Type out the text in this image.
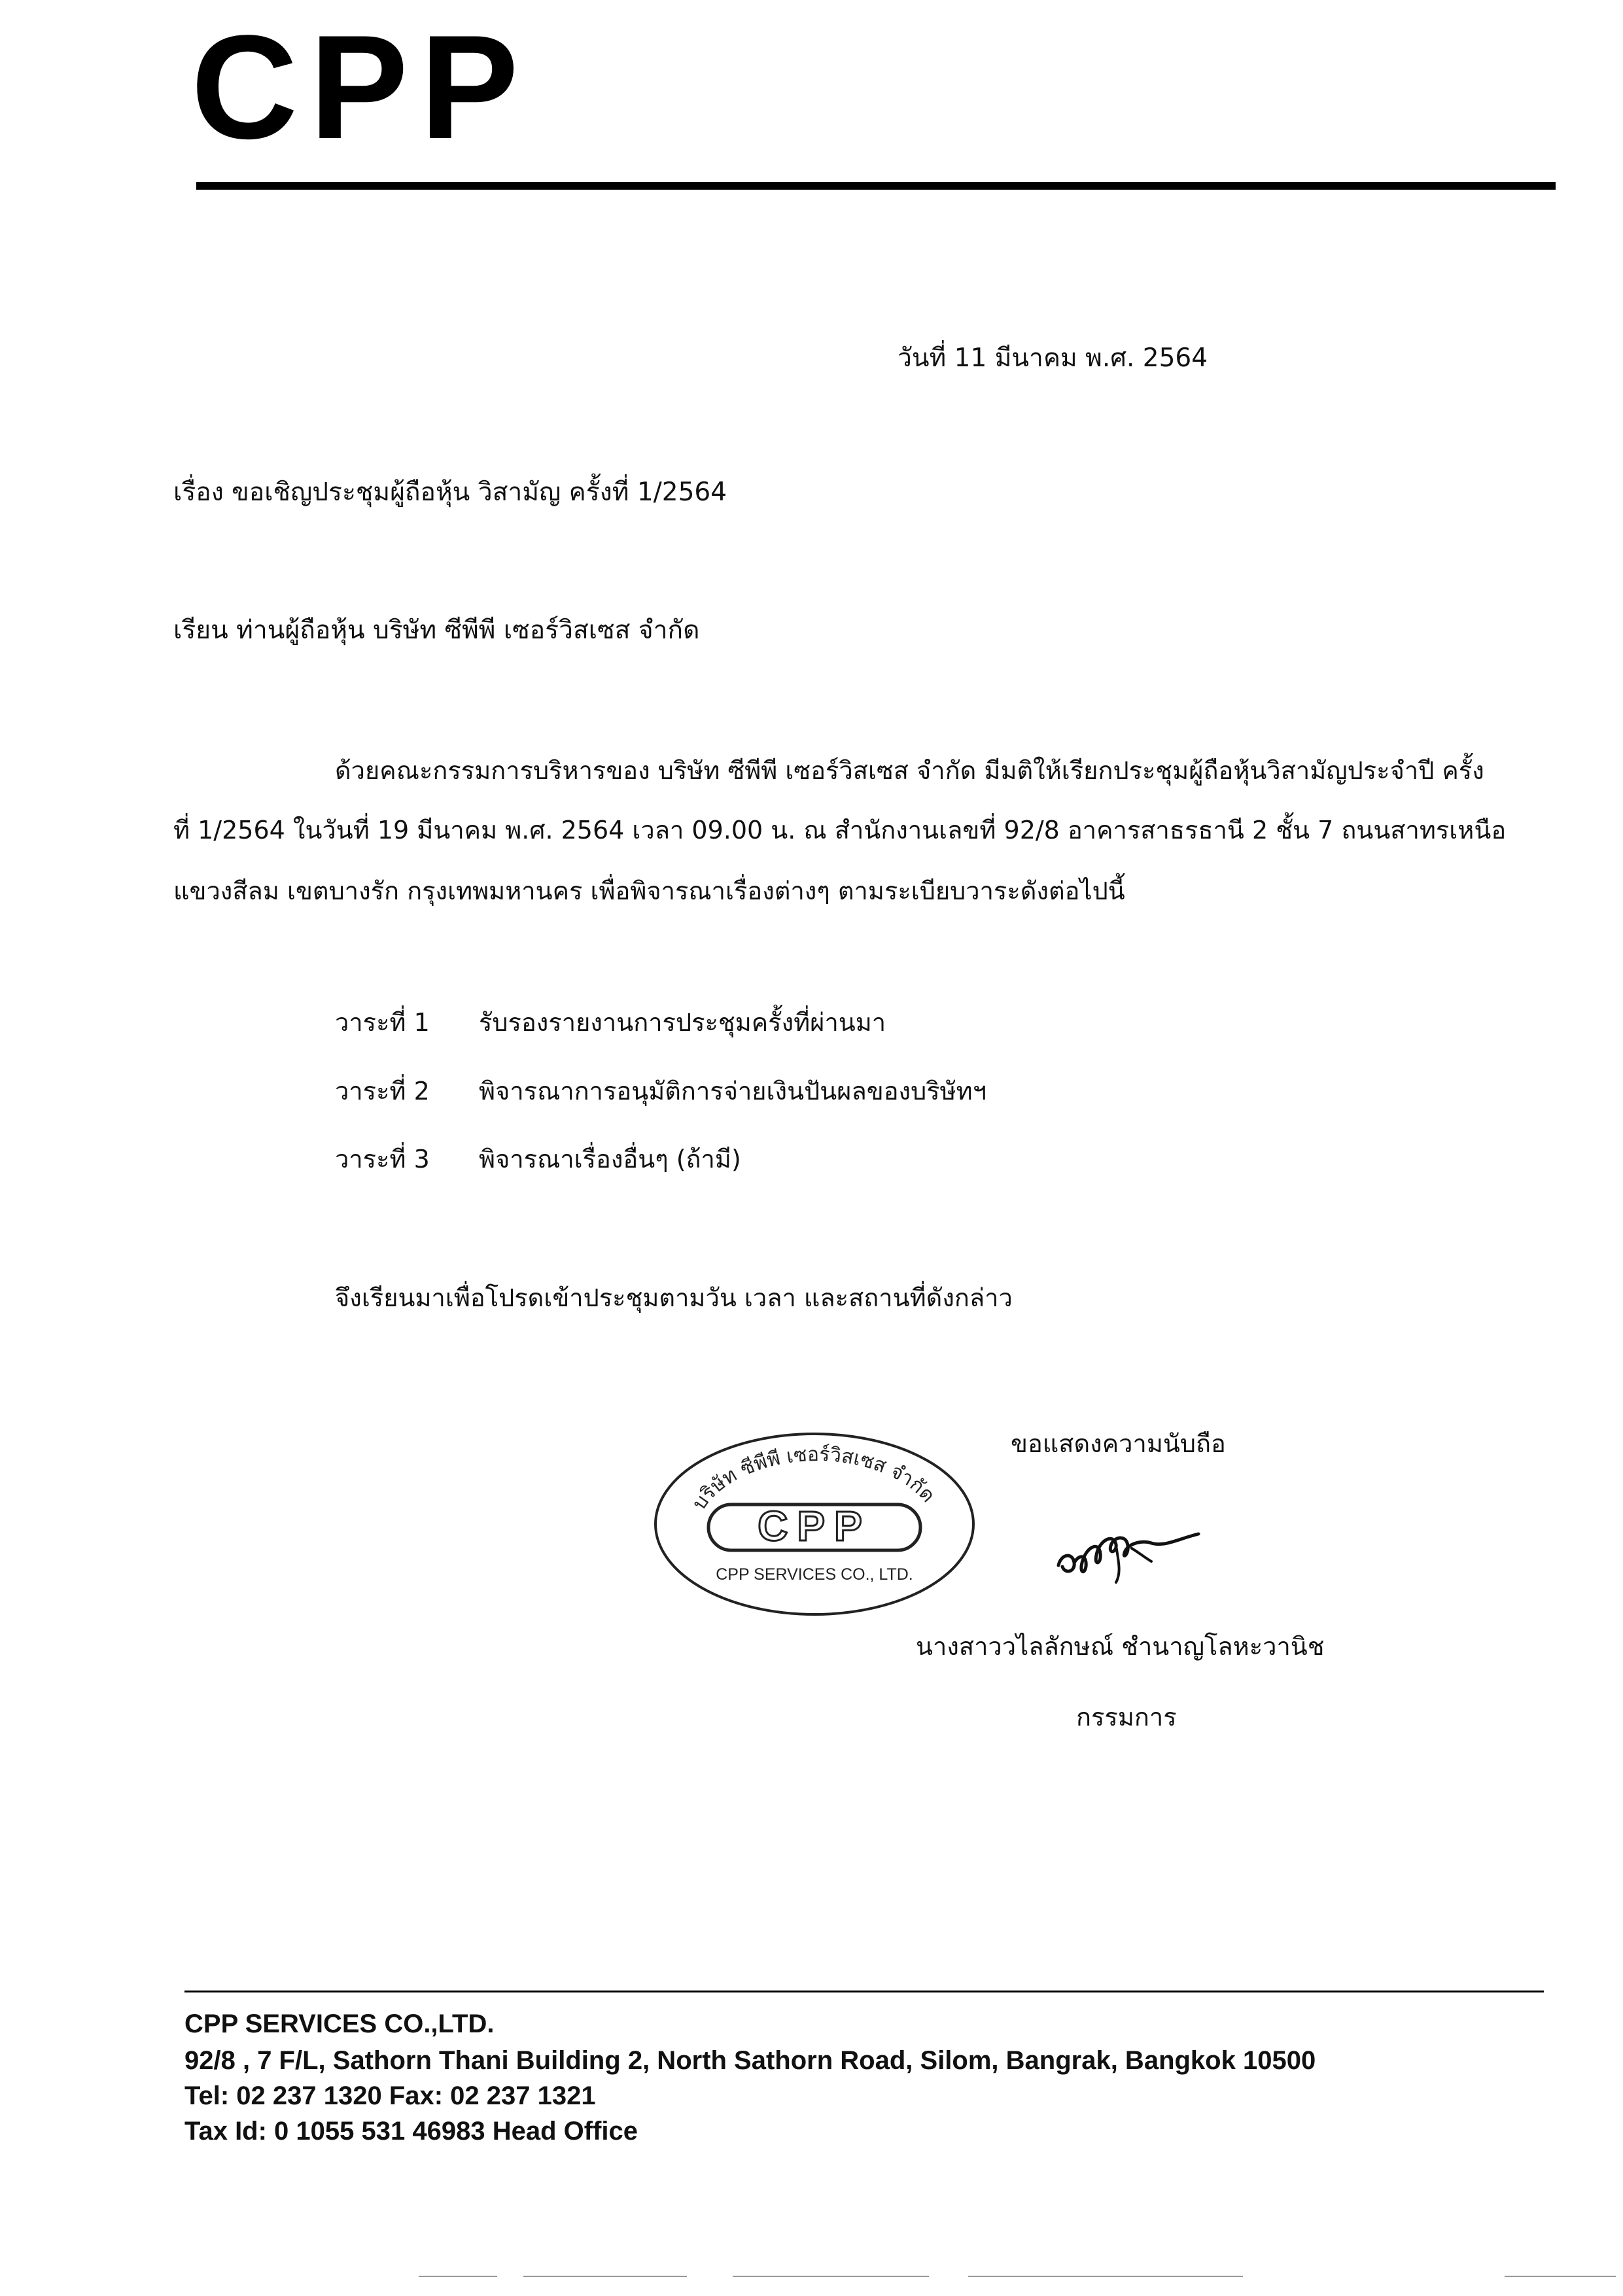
CPP
วันที่ 11 มีนาคม พ.ศ. 2564
เรื่อง ขอเชิญประชุมผู้ถือหุ้น วิสามัญ ครั้งที่ 1/2564
เรียน ท่านผู้ถือหุ้น บริษัท ซีพีพี เซอร์วิสเซส จำกัด
ด้วยคณะกรรมการบริหารของ บริษัท ซีพีพี เซอร์วิสเซส จำกัด มีมติให้เรียกประชุมผู้ถือหุ้นวิสามัญประจำปี ครั้ง
ที่ 1/2564 ในวันที่ 19 มีนาคม พ.ศ. 2564 เวลา 09.00 น. ณ สำนักงานเลขที่ 92/8 อาคารสาธรธานี 2 ชั้น 7 ถนนสาทรเหนือ
แขวงสีลม เขตบางรัก กรุงเทพมหานคร เพื่อพิจารณาเรื่องต่างๆ ตามระเบียบวาระดังต่อไปนี้
วาระที่ 1 รับรองรายงานการประชุมครั้งที่ผ่านมา
วาระที่ 2 พิจารณาการอนุมัติการจ่ายเงินปันผลของบริษัทฯ
วาระที่ 3 พิจารณาเรื่องอื่นๆ (ถ้ามี)
จึงเรียนมาเพื่อโปรดเข้าประชุมตามวัน เวลา และสถานที่ดังกล่าว
ขอแสดงความนับถือ
บริษัท ซีพีพี เซอร์วิสเซส จำกัด
CPP
CPP SERVICES CO., LTD.
นางสาววไลลักษณ์ ชำนาญโลหะวานิช
กรรมการ
CPP SERVICES CO.,LTD.
92/8 , 7 F/L, Sathorn Thani Building 2, North Sathorn Road, Silom, Bangrak, Bangkok 10500
Tel: 02 237 1320 Fax: 02 237 1321
Tax Id: 0 1055 531 46983 Head Office
